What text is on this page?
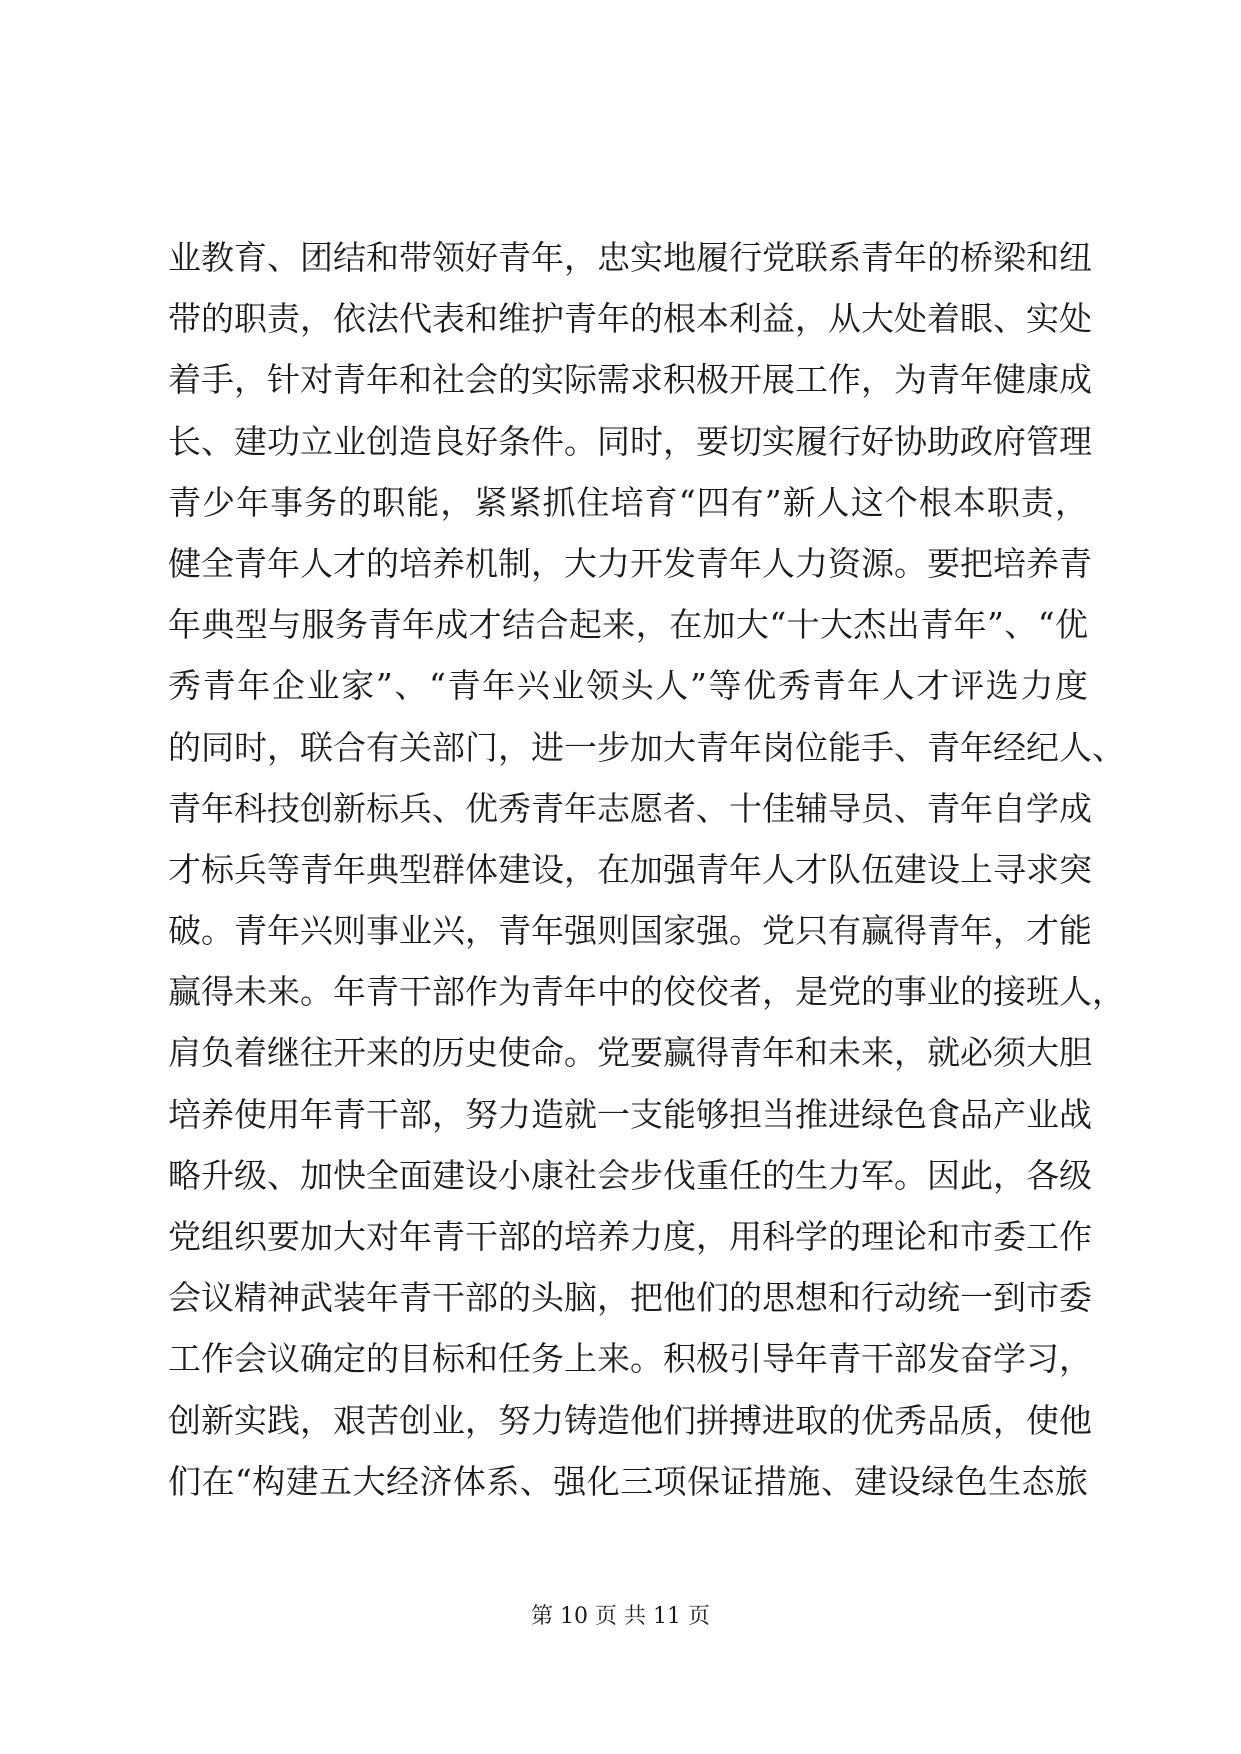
业教育、团结和带领好青年，忠实地履行党联系青年的桥梁和纽
带的职责，依法代表和维护青年的根本利益，从大处着眼、实处
着手，针对青年和社会的实际需求积极开展工作，为青年健康成
长、建功立业创造良好条件。同时，要切实履行好协助政府管理
青少年事务的职能，紧紧抓住培育“四有”新人这个根本职责，
健全青年人才的培养机制，大力开发青年人力资源。要把培养青
年典型与服务青年成才结合起来，在加大“十大杰出青年”、“优
秀青年企业家”、“青年兴业领头人”等优秀青年人才评选力度
的同时，联合有关部门，进一步加大青年岗位能手、青年经纪人、
青年科技创新标兵、优秀青年志愿者、十佳辅导员、青年自学成
才标兵等青年典型群体建设，在加强青年人才队伍建设上寻求突
破。青年兴则事业兴，青年强则国家强。党只有赢得青年，才能
赢得未来。年青干部作为青年中的佼佼者，是党的事业的接班人，
肩负着继往开来的历史使命。党要赢得青年和未来，就必须大胆
培养使用年青干部，努力造就一支能够担当推进绿色食品产业战
略升级、加快全面建设小康社会步伐重任的生力军。因此，各级
党组织要加大对年青干部的培养力度，用科学的理论和市委工作
会议精神武装年青干部的头脑，把他们的思想和行动统一到市委
工作会议确定的目标和任务上来。积极引导年青干部发奋学习，
创新实践，艰苦创业，努力铸造他们拼搏进取的优秀品质，使他
们在“构建五大经济体系、强化三项保证措施、建设绿色生态旅
第 10 页 共 11 页
